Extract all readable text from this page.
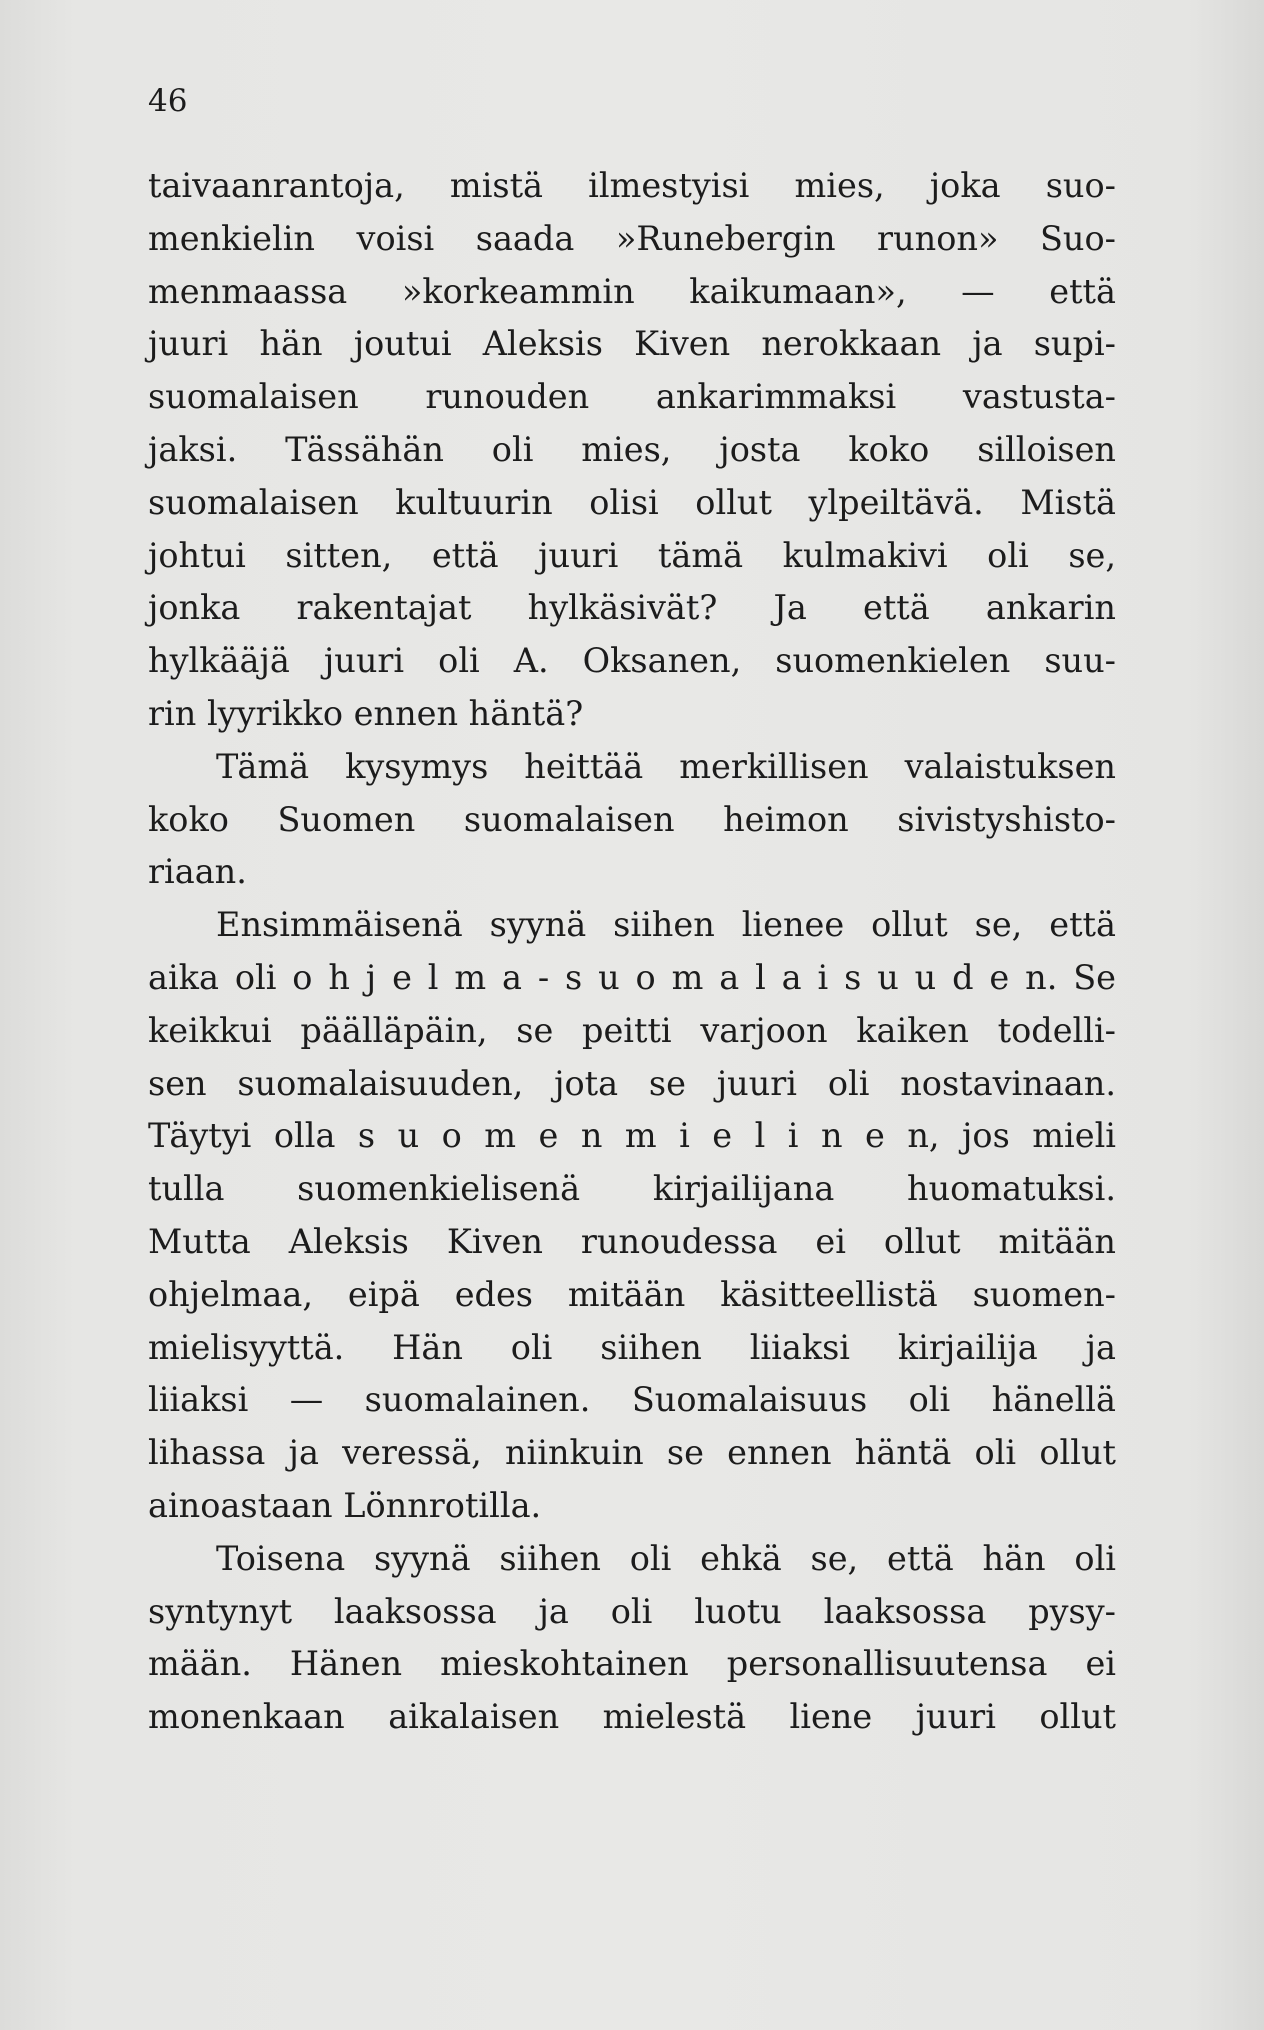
46
taivaanrantoja, mistä ilmestyisi mies, joka suo-
menkielin voisi saada »Runebergin runon» Suo-
menmaassa »korkeammin kaikumaan», — että
juuri hän joutui Aleksis Kiven nerokkaan ja supi-
suomalaisen runouden ankarimmaksi vastusta-
jaksi. Tässähän oli mies, josta koko silloisen
suomalaisen kultuurin olisi ollut ylpeiltävä. Mistä
johtui sitten, että juuri tämä kulmakivi oli se,
jonka rakentajat hylkäsivät? Ja että ankarin
hylkääjä juuri oli A. Oksanen, suomenkielen suu-
rin lyyrikko ennen häntä?
Tämä kysymys heittää merkillisen valaistuksen
koko Suomen suomalaisen heimon sivistyshisto-
riaan.
Ensimmäisenä syynä siihen lienee ollut se, että
aika oli o h j e l m a - s u o m a l a i s u u d e n. Se
keikkui päälläpäin, se peitti varjoon kaiken todelli-
sen suomalaisuuden, jota se juuri oli nostavinaan.
Täytyi olla s u o m e n m i e l i n e n, jos mieli
tulla suomenkielisenä kirjailijana huomatuksi.
Mutta Aleksis Kiven runoudessa ei ollut mitään
ohjelmaa, eipä edes mitään käsitteellistä suomen-
mielisyyttä. Hän oli siihen liiaksi kirjailija ja
liiaksi — suomalainen. Suomalaisuus oli hänellä
lihassa ja veressä, niinkuin se ennen häntä oli ollut
ainoastaan Lönnrotilla.
Toisena syynä siihen oli ehkä se, että hän oli
syntynyt laaksossa ja oli luotu laaksossa pysy-
mään. Hänen mieskohtainen personallisuutensa ei
monenkaan aikalaisen mielestä liene juuri ollut
